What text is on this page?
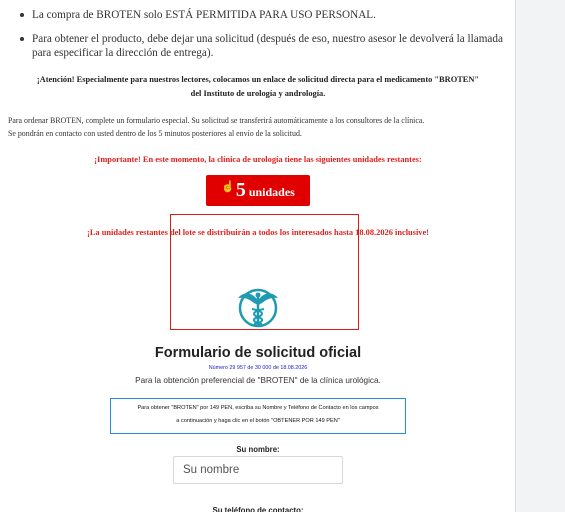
La compra de BROTEN solo ESTÁ PERMITIDA PARA USO PERSONAL.
Para obtener el producto, debe dejar una solicitud (después de eso, nuestro asesor le devolverá la llamada para especificar la dirección de entrega).
¡Atención! Especialmente para nuestros lectores, colocamos un enlace de solicitud directa para el medicamento "BROTEN"
del Instituto de urología y andrología.
Para ordenar BROTEN, complete un formulario especial. Su solicitud se transferirá automáticamente a los consultores de la clínica.
Se pondrán en contacto con usted dentro de los 5 minutos posteriores al envío de la solicitud.
¡Importante! En este momento, la clínica de urología tiene las siguientes unidades restantes:
☝ 5 unidades
¡La unidades restantes del lote se distribuirán a todos los interesados hasta 18.08.2026 inclusive!
Formulario de solicitud oficial
Número 29 957 de 30 000 de 18.08.2026
Para la obtención preferencial de "BROTEN" de la clínica urológica.
Para obtener "BROTEN" por 149 PEN, escriba su Nombre y Teléfono de Contacto en los campos
a continuación y haga clic en el botón "OBTENER POR 149 PEN"
Su nombre:
Su nombre
Su teléfono de contacto:
